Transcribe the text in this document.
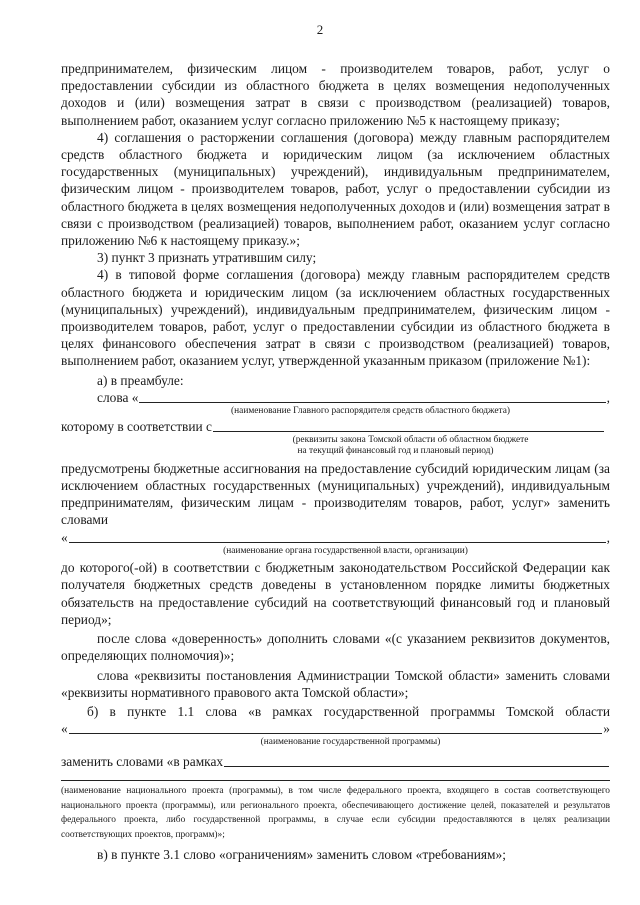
2

предпринимателем, физическим лицом - производителем товаров, работ, услуг о предоставлении субсидии из областного бюджета в целях возмещения недополученных доходов и (или) возмещения затрат в связи с производством (реализацией) товаров, выполнением работ, оказанием услуг согласно приложению №5 к настоящему приказу;

4) соглашения о расторжении соглашения (договора) между главным распорядителем средств областного бюджета и юридическим лицом (за исключением областных государственных (муниципальных) учреждений), индивидуальным предпринимателем, физическим лицом - производителем товаров, работ, услуг о предоставлении субсидии из областного бюджета в целях возмещения недополученных доходов и (или) возмещения затрат в связи с производством (реализацией) товаров, выполнением работ, оказанием услуг согласно приложению №6 к настоящему приказу.»;

3) пункт 3 признать утратившим силу;

4) в типовой форме соглашения (договора) между главным распорядителем средств областного бюджета и юридическим лицом (за исключением областных государственных (муниципальных) учреждений), индивидуальным предпринимателем, физическим лицом - производителем товаров, работ, услуг о предоставлении субсидии из областного бюджета в целях финансового обеспечения затрат в связи с производством (реализацией) товаров, выполнением работ, оказанием услуг, утвержденной указанным приказом (приложение №1):

а) в преамбуле:

слова «	,

(наименование Главного распорядителя средств областного бюджета)

которому в соответствии с

(реквизиты закона Томской области об областном бюджете

на текущий финансовый год и плановый период)

предусмотрены бюджетные ассигнования на предоставление субсидий юридическим лицам (за исключением областных государственных (муниципальных) учреждений), индивидуальным предпринимателям, физическим лицам - производителям товаров, работ, услуг» заменить словами

«	,

(наименование органа государственной власти, организации)

до которого(-ой) в соответствии с бюджетным законодательством Российской Федерации как получателя бюджетных средств доведены в установленном порядке лимиты бюджетных обязательств на предоставление субсидий на соответствующий финансовый год и плановый период»;

после слова «доверенность» дополнить словами «(с указанием реквизитов документов, определяющих полномочия)»;

слова «реквизиты постановления Администрации Томской области» заменить словами «реквизиты нормативного правового акта Томской области»;

б) в пункте 1.1 слова «в рамках государственной программы Томской области

«	»

(наименование государственной программы)

заменить словами «в рамках

(наименование национального проекта (программы), в том числе федерального проекта, входящего в состав соответствующего национального проекта (программы), или регионального проекта, обеспечивающего достижение целей, показателей и результатов федерального проекта, либо государственной программы, в случае если субсидии предоставляются в целях реализации соответствующих проектов, программ)»;

в) в пункте 3.1 слово «ограничениям» заменить словом «требованиям»;
